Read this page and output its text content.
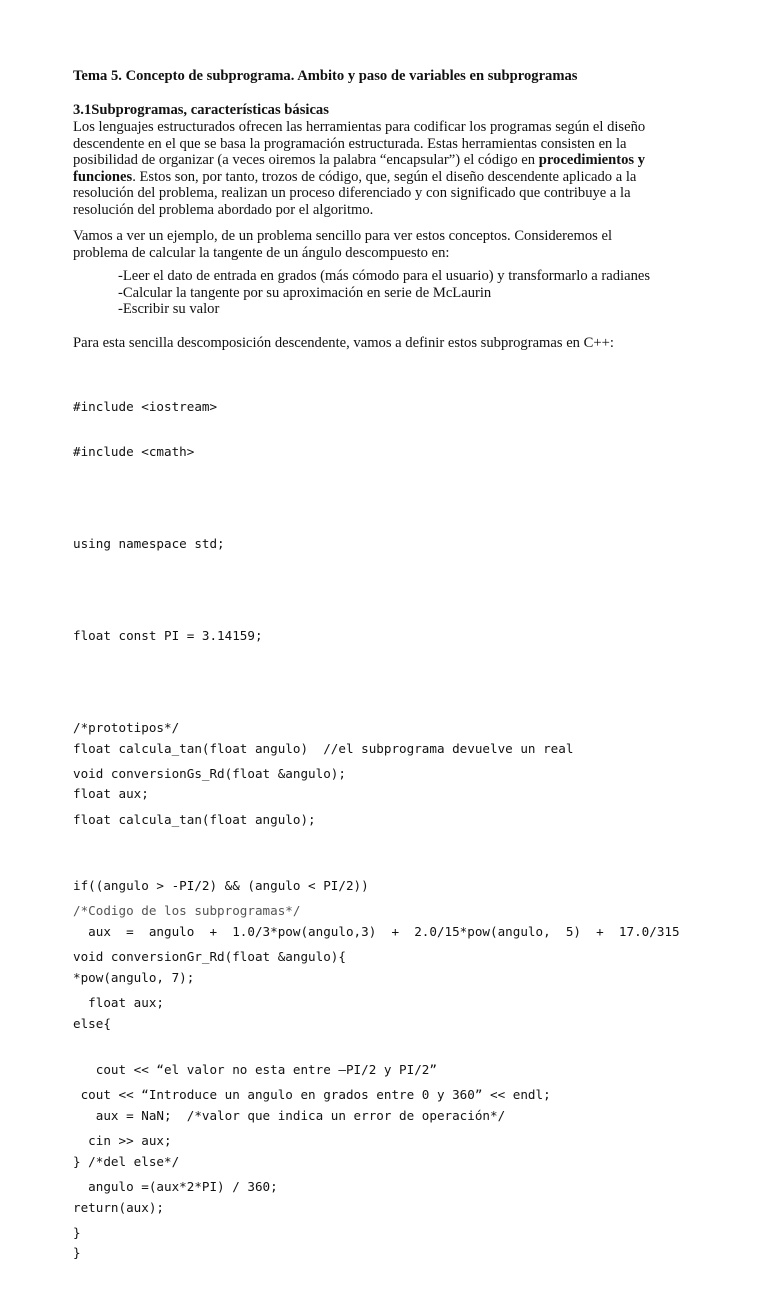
Tema 5. Concepto de subprograma. Ambito y paso de variables en subprogramas
3.1Subprogramas, características básicas
Los lenguajes estructurados ofrecen las herramientas para codificar los programas según el diseño
descendente en el que se basa la programación estructurada. Estas herramientas consisten en la
posibilidad de organizar (a veces oiremos la palabra “encapsular”) el código en procedimientos y
funciones. Estos son, por tanto, trozos de código, que, según el diseño descendente aplicado a la
resolución del problema, realizan un proceso diferenciado y con significado que contribuye a la
resolución del problema abordado por el algoritmo.
Vamos a ver un ejemplo, de un problema sencillo para ver estos conceptos. Consideremos el
problema de calcular la tangente de un ángulo descompuesto en:
-Leer el dato de entrada en grados (más cómodo para el usuario) y transformarlo a radianes
-Calcular la tangente por su aproximación en serie de McLaurin
-Escribir su valor
Para esta sencilla descomposición descendente, vamos a definir estos subprogramas en C++:

#include <iostream>

#include <cmath>

using namespace std;

float const PI = 3.14159;

/*prototipos*/

void conversionGs_Rd(float &angulo);

float calcula_tan(float angulo);

/*Codigo de los subprogramas*/

void conversionGr_Rd(float &angulo){

float aux;

cout << “Introduce un angulo en grados entre 0 y 360” << endl;

cin >> aux;

angulo =(aux*2*PI) / 360;

}

float calcula_tan(float angulo)  //el subprograma devuelve un real

float aux;

if((angulo > -PI/2) && (angulo < PI/2))

aux  =  angulo  +  1.0/3*pow(angulo,3)  +  2.0/15*pow(angulo,  5)  +  17.0/315

*pow(angulo, 7);

else{

cout << “el valor no esta entre –PI/2 y PI/2”

aux = NaN;  /*valor que indica un error de operación*/

} /*del else*/

return(aux);

}
